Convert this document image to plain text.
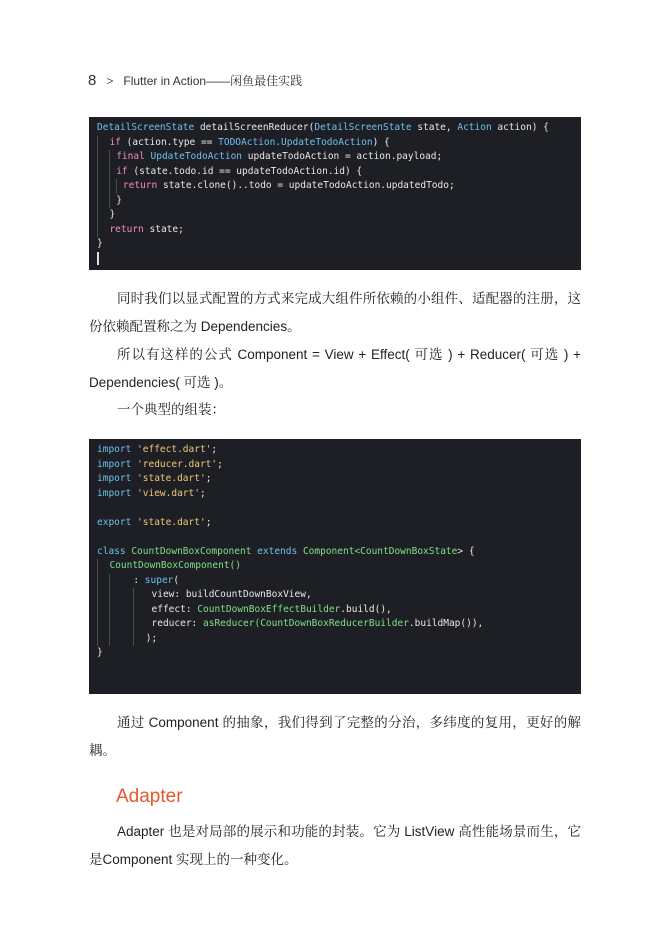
8 > Flutter in Action——闲鱼最佳实践
DetailScreenState detailScreenReducer(DetailScreenState state, Action action) {
if (action.type == TODOAction.UpdateTodoAction) {
final UpdateTodoAction updateTodoAction = action.payload;
if (state.todo.id == updateTodoAction.id) {
return state.clone()..todo = updateTodoAction.updatedTodo;
}
}
return state;
}
同时我们以显式配置的方式来完成大组件所依赖的小组件、适配器的注册，这份依赖配置称之为 Dependencies。
所以有这样的公式 Component = View + Effect( 可选 ) + Reducer( 可选 ) + Dependencies( 可选 )。
一个典型的组装：
import 'effect.dart';
import 'reducer.dart';
import 'state.dart';
import 'view.dart';
export 'state.dart';
class CountDownBoxComponent extends Component<CountDownBoxState> {
CountDownBoxComponent()
: super(
view: buildCountDownBoxView,
effect: CountDownBoxEffectBuilder.build(),
reducer: asReducer(CountDownBoxReducerBuilder.buildMap()),
);
}
通过 Component 的抽象，我们得到了完整的分治，多纬度的复用，更好的解耦。
Adapter
Adapter 也是对局部的展示和功能的封装。它为 ListView 高性能场景而生，它是Component 实现上的一种变化。
